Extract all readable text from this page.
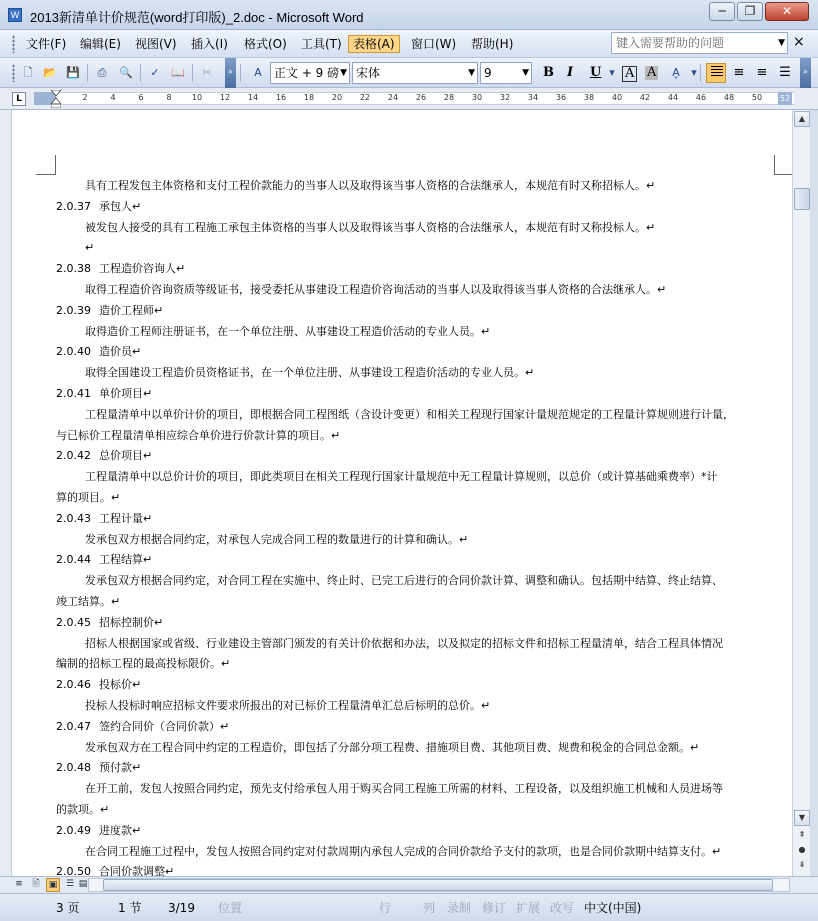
W 2013新清单计价规范(word打印版)_2.doc - Microsoft Word	─	❐	✕
文件(F)	编辑(E)	视图(V)	插入(I)	格式(O)	工具(T) 表格(A)	窗口(W)	帮助(H)	键入需要帮助的问题	▼ ×
🗋 📂 💾	⎙	🔍	✓	📖	✂	A	正文 + 9 磅 ▼ 宋体	▼ 9	▼ B I U ▾ A A	A̬	▾	≡ ≡ ☰
»	»
L	2	4	6	8	10 12 14 16 18 20 22 24 26 28 30 32 34 36 38 40 42 44 46 48 50 52
具有工程发包主体资格和支付工程价款能力的当事人以及取得该当事人资格的合法继承人，本规范有时又称招标人。↵
2.0.37 承包人↵
被发包人接受的具有工程施工承包主体资格的当事人以及取得该当事人资格的合法继承人，本规范有时又称投标人。↵
↵
2.0.38 工程造价咨询人↵
取得工程造价咨询资质等级证书，接受委托从事建设工程造价咨询活动的当事人以及取得该当事人资格的合法继承人。↵
2.0.39 造价工程师↵
取得造价工程师注册证书，在一个单位注册、从事建设工程造价活动的专业人员。↵
2.0.40 造价员↵
取得全国建设工程造价员资格证书，在一个单位注册、从事建设工程造价活动的专业人员。↵
2.0.41 单价项目↵
工程量清单中以单价计价的项目，即根据合同工程图纸（含设计变更）和相关工程现行国家计量规范规定的工程量计算规则进行计量，
与已标价工程量清单相应综合单价进行价款计算的项目。↵
2.0.42 总价项目↵
工程量清单中以总价计价的项目，即此类项目在相关工程现行国家计量规范中无工程量计算规则，以总价（或计算基础乘费率）*计
算的项目。↵
2.0.43 工程计量↵
发承包双方根据合同约定，对承包人完成合同工程的数量进行的计算和确认。↵
2.0.44 工程结算↵
发承包双方根据合同约定，对合同工程在实施中、终止时、已完工后进行的合同价款计算、调整和确认。包括期中结算、终止结算、
竣工结算。↵
2.0.45 招标控制价↵
招标人根据国家或省级、行业建设主管部门颁发的有关计价依据和办法，以及拟定的招标文件和招标工程量清单，结合工程具体情况
编制的招标工程的最高投标限价。↵
2.0.46 投标价↵
投标人投标时响应招标文件要求所报出的对已标价工程量清单汇总后标明的总价。↵
2.0.47 签约合同价（合同价款）↵
发承包双方在工程合同中约定的工程造价，即包括了分部分项工程费、措施项目费、其他项目费、规费和税金的合同总金额。↵
2.0.48 预付款↵
在开工前，发包人按照合同约定，预先支付给承包人用于购买合同工程施工所需的材料、工程设备，以及组织施工机械和人员进场等
的款项。↵
2.0.49 进度款↵
在合同工程施工过程中，发包人按照合同约定对付款周期内承包人完成的合同价款给予支付的款项，也是合同价款期中结算支付。↵
2.0.50 合同价款调整↵
▲
▼
⇞
●
⇟
≡	🖹	▣ ☰ ▤
3 页	1 节 3/19 位置	行	列 录制 修订 扩展 改写 中文(中国)
